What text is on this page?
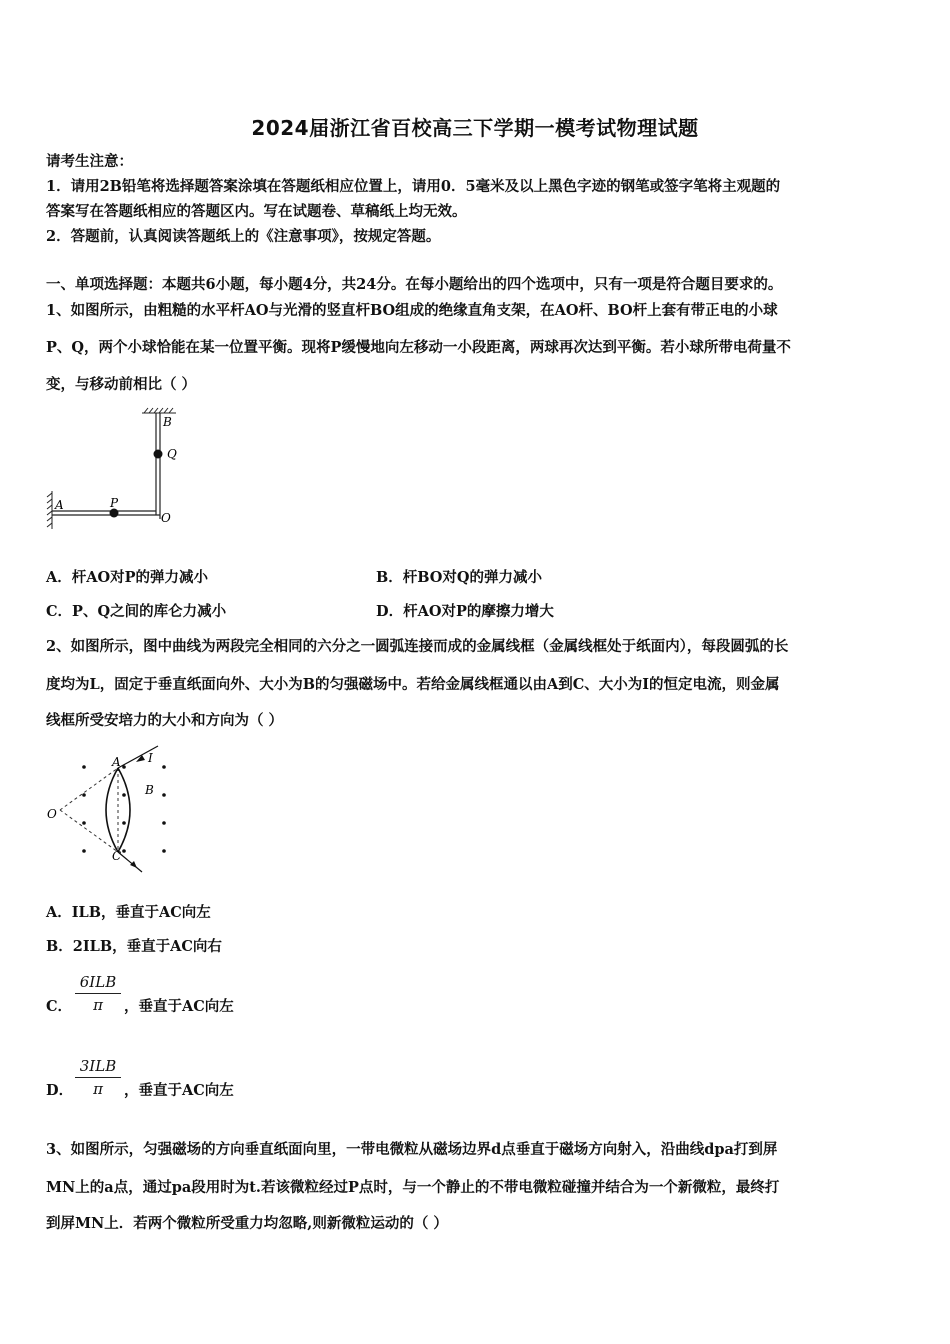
2024届浙江省百校高三下学期一模考试物理试题
请考生注意：
1．请用2B铅笔将选择题答案涂填在答题纸相应位置上，请用0．5毫米及以上黑色字迹的钢笔或签字笔将主观题的
答案写在答题纸相应的答题区内。写在试题卷、草稿纸上均无效。
2．答题前，认真阅读答题纸上的《注意事项》，按规定答题。
一、单项选择题：本题共6小题，每小题4分，共24分。在每小题给出的四个选项中，只有一项是符合题目要求的。
1、如图所示，由粗糙的水平杆AO与光滑的竖直杆BO组成的绝缘直角支架，在AO杆、BO杆上套有带正电的小球
P、Q，两个小球恰能在某一位置平衡。现将P缓慢地向左移动一小段距离，两球再次达到平衡。若小球所带电荷量不
变，与移动前相比（ ）
B
Q
A	P
O
A．杆AO对P的弹力减小	B．杆BO对Q的弹力减小
C．P、Q之间的库仑力减小	D．杆AO对P的摩擦力增大
2、如图所示，图中曲线为两段完全相同的六分之一圆弧连接而成的金属线框（金属线框处于纸面内），每段圆弧的长
度均为L，固定于垂直纸面向外、大小为B的匀强磁场中。若给金属线框通以由A到C、大小为I的恒定电流，则金属
线框所受安培力的大小和方向为（ ）
A I
B
O
C
A．ILB，垂直于AC向左
B．2ILB，垂直于AC向右
C．
6ILB
π	，垂直于AC向左
D．
3ILB
π	，垂直于AC向左
3、如图所示，匀强磁场的方向垂直纸面向里，一带电微粒从磁场边界d点垂直于磁场方向射入，沿曲线dpa打到屏
MN上的a点，通过pa段用时为t.若该微粒经过P点时，与一个静止的不带电微粒碰撞并结合为一个新微粒，最终打
到屏MN上．若两个微粒所受重力均忽略,则新微粒运动的（ ）
